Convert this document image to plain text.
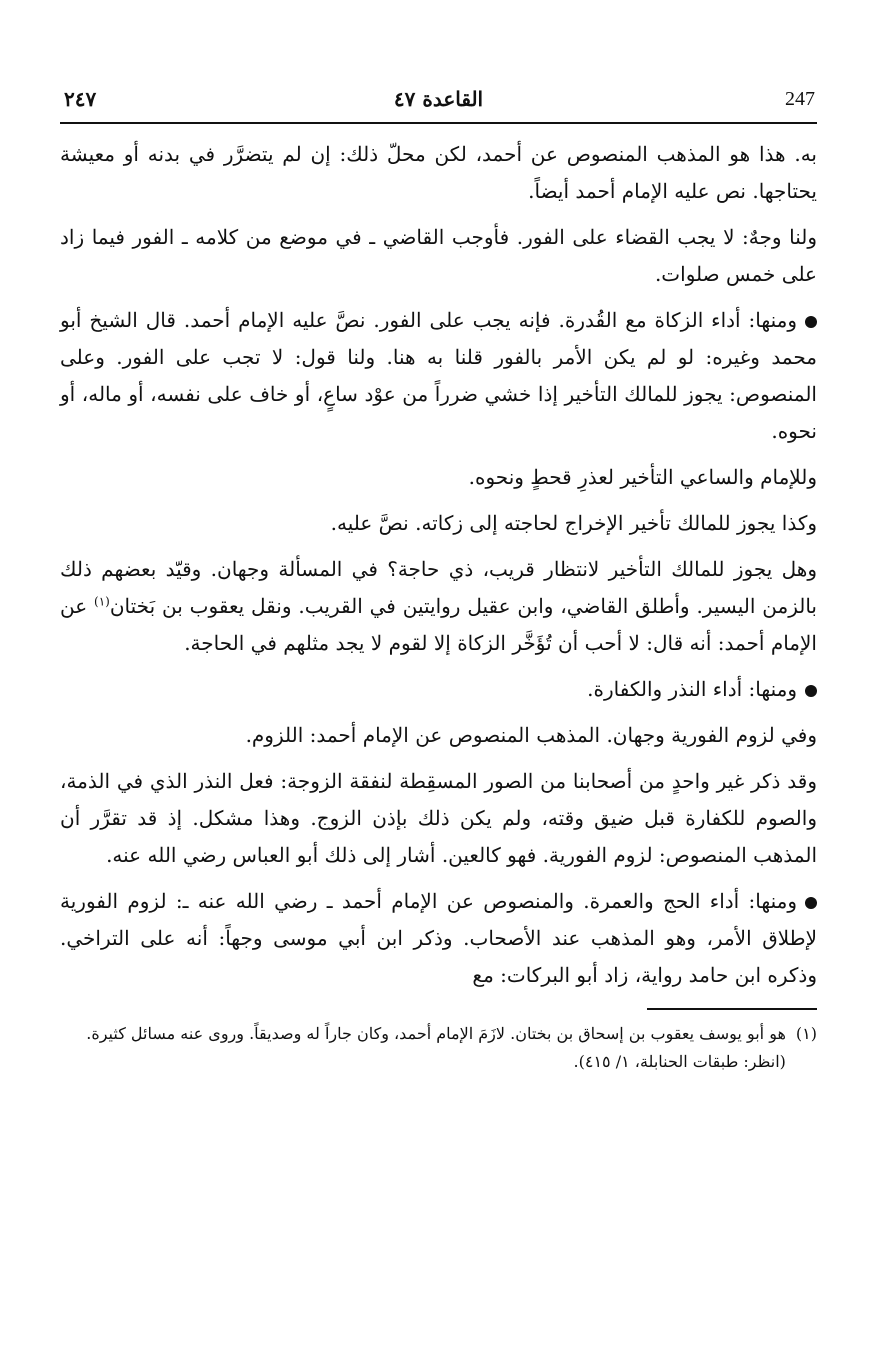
٢٤٧	القاعدة ٤٧	247

به. هذا هو المذهب المنصوص عن أحمد، لكن محلّ ذلك: إن لم يتضرَّر في بدنه أو معيشة يحتاجها. نص عليه الإمام أحمد أيضاً.

ولنا وجهٌ: لا يجب القضاء على الفور. فأوجب القاضي ـ في موضع من كلامه ـ الفور فيما زاد على خمس صلوات.

ومنها: أداء الزكاة مع القُدرة. فإنه يجب على الفور. نصَّ عليه الإمام أحمد. قال الشيخ أبو محمد وغيره: لو لم يكن الأمر بالفور قلنا به هنا. ولنا قول: لا تجب على الفور. وعلى المنصوص: يجوز للمالك التأخير إذا خشي ضرراً من عوْد ساعٍ، أو خاف على نفسه، أو ماله، أو نحوه.

وللإمام والساعي التأخير لعذرِ قحطٍ ونحوه.

وكذا يجوز للمالك تأخير الإخراج لحاجته إلى زكاته. نصَّ عليه.

وهل يجوز للمالك التأخير لانتظار قريب، ذي حاجة؟ في المسألة وجهان. وقيّد بعضهم ذلك بالزمن اليسير. وأطلق القاضي، وابن عقيل روايتين في القريب. ونقل يعقوب بن بَختان$^{(١)}$ عن الإمام أحمد: أنه قال: لا أحب أن تُؤَخَّر الزكاة إلا لقوم لا يجد مثلهم في الحاجة.

ومنها: أداء النذر والكفارة.

وفي لزوم الفورية وجهان. المذهب المنصوص عن الإمام أحمد: اللزوم.

وقد ذكر غير واحدٍ من أصحابنا من الصور المسقِطة لنفقة الزوجة: فعل النذر الذي في الذمة، والصوم للكفارة قبل ضيق وقته، ولم يكن ذلك بإذن الزوج. وهذا مشكل. إذ قد تقرَّر أن المذهب المنصوص: لزوم الفورية. فهو كالعين. أشار إلى ذلك أبو العباس رضي الله عنه.

ومنها: أداء الحج والعمرة. والمنصوص عن الإمام أحمد ـ رضي الله عنه ـ: لزوم الفورية لإطلاق الأمر، وهو المذهب عند الأصحاب. وذكر ابن أبي موسى وجهاً: أنه على التراخي. وذكره ابن حامد رواية، زاد أبو البركات: مع

(١)
هو أبو يوسف يعقوب بن إسحاق بن بختان. لازَمَ الإمام أحمد، وكان جاراً له وصديقاً. وروى عنه مسائل كثيرة. (انظر: طبقات الحنابلة، ١/ ٤١٥).
